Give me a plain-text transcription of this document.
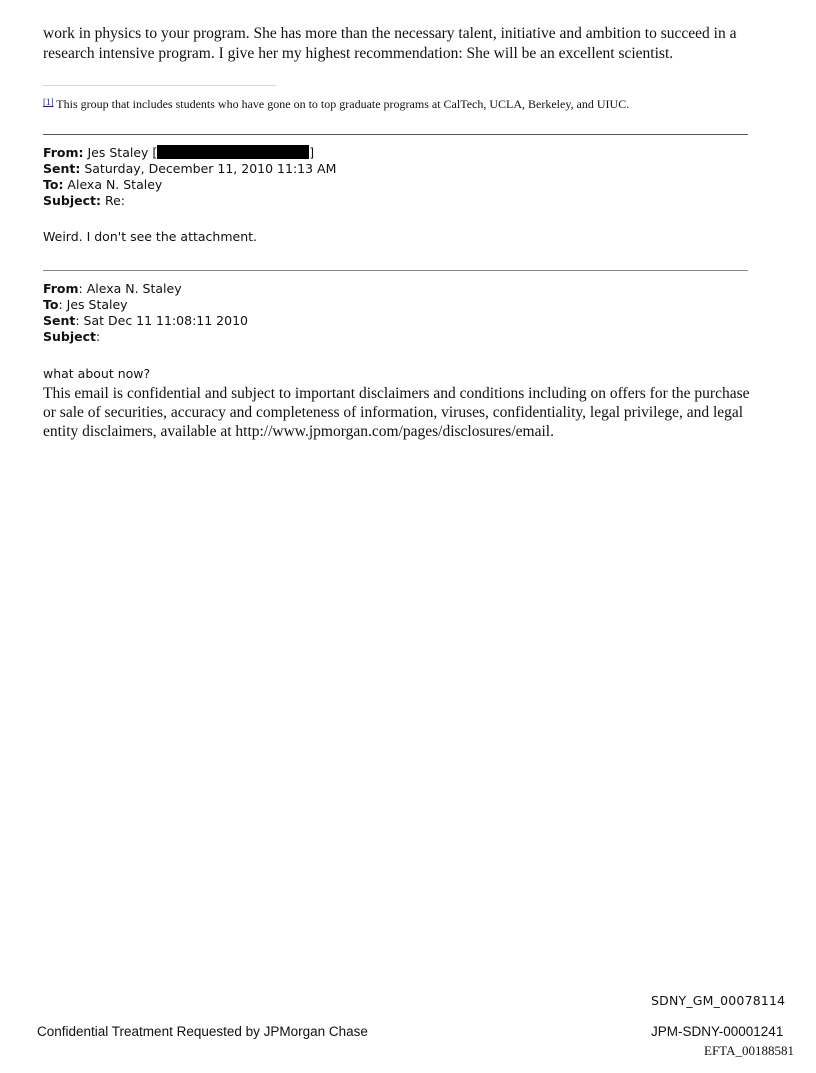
work in physics to your program. She has more than the necessary talent, initiative and ambition to succeed in a
research intensive program. I give her my highest recommendation: She will be an excellent scientist.
[1] This group that includes students who have gone on to top graduate programs at CalTech, UCLA, Berkeley, and UIUC.
From: Jes Staley [	]
Sent: Saturday, December 11, 2010 11:13 AM
To: Alexa N. Staley
Subject: Re:
Weird. I don't see the attachment.
From: Alexa N. Staley
To: Jes Staley
Sent: Sat Dec 11 11:08:11 2010
Subject:
what about now?
This email is confidential and subject to important disclaimers and conditions including on offers for the purchase or sale of securities, accuracy and completeness of information, viruses, confidentiality, legal privilege, and legal entity disclaimers, available at http://www.jpmorgan.com/pages/disclosures/email.
SDNY_GM_00078114
Confidential Treatment Requested by JPMorgan Chase	JPM-SDNY-00001241
EFTA_00188581
